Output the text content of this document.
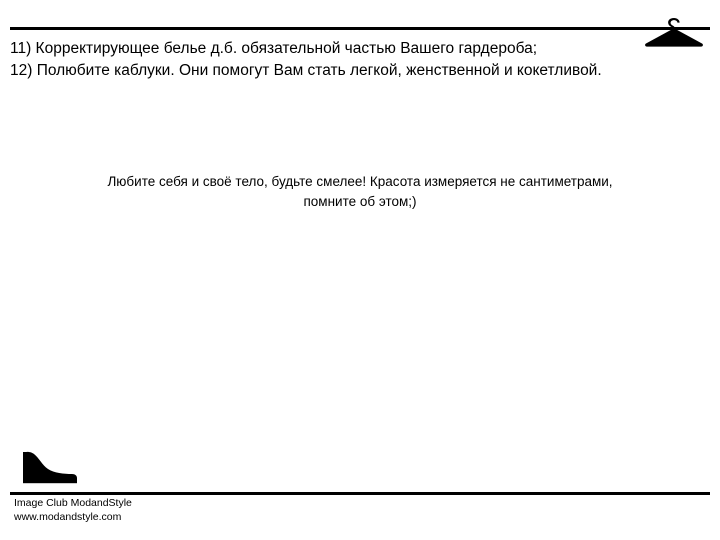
11) Корректирующее белье д.б. обязательной частью Вашего гардероба;
12) Полюбите каблуки. Они помогут Вам стать легкой, женственной и кокетливой.
Любите себя и своё тело, будьте смелее! Красота измеряется не сантиметрами,
помните об этом;)
Image Club ModandStyle
www.modandstyle.com
